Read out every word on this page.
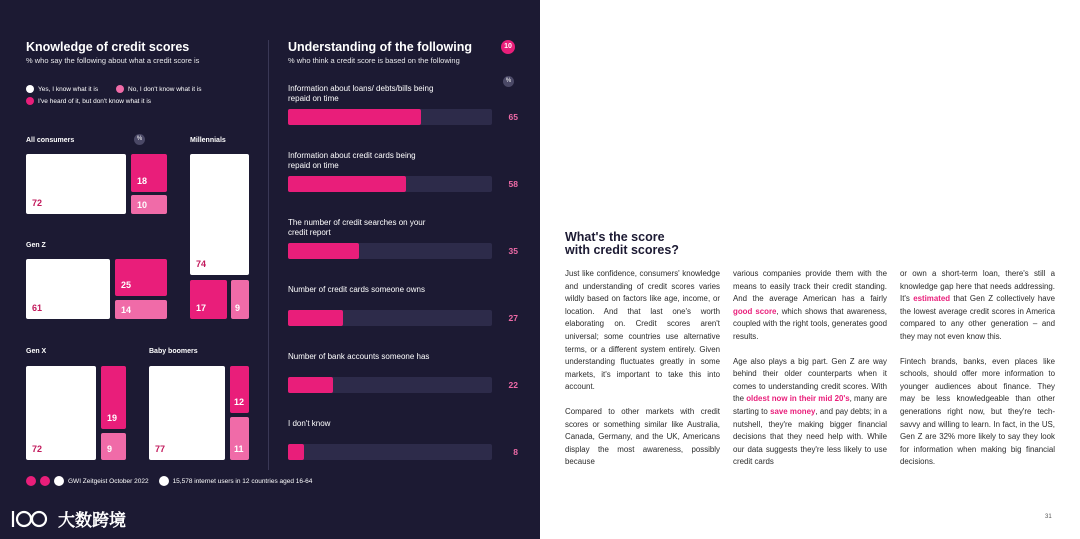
Knowledge of credit scores
% who say the following about what a credit score is
Yes, I know what it is	No, I don't know what it is
I've heard of it, but don't know what it is
All consumers	%
72
18
10
Millennials
74
17	9
Gen Z
61
25
14
Gen X
72
19
9
Baby boomers
77
12
11
GWI Zeitgeist October 2022	15,578 internet users in 12 countries aged 16-64
Understanding of the following	10
% who think a credit score is based on the following
%
Information about loans/ debts/bills being repaid on time
65
Information about credit cards being repaid on time
58
The number of credit searches on your credit report
35
Number of credit cards someone owns
27
Number of bank accounts someone has
22
I don't know
8
What's the score
with credit scores?

Just like confidence, consumers' knowledge and understanding of credit scores varies wildly based on factors like age, income, or location. And that last one's worth elaborating on. Credit scores aren't universal; some countries use alternative terms, or a different system entirely. Given understanding fluctuates greatly in some markets, it's important to take this into account.

Compared to other markets with credit scores or something similar like Australia, Canada, Germany, and the UK, Americans display the most awareness, possibly because

various companies provide them with the means to easily track their credit standing. And the average American has a fairly good score, which shows that awareness, coupled with the right tools, generates good results.

Age also plays a big part. Gen Z are way behind their older counterparts when it comes to understanding credit scores. With the oldest now in their mid 20's, many are starting to save money, and pay debts; in a nutshell, they're making bigger financial decisions that they need help with. While our data suggests they're less likely to use credit cards

or own a short-term loan, there's still a knowledge gap here that needs addressing. It's estimated that Gen Z collectively have the lowest average credit scores in America compared to any other generation – and they may not even know this.

Fintech brands, banks, even places like schools, should offer more information to younger audiences about finance. They may be less knowledgeable than other generations right now, but they're tech-savvy and willing to learn. In fact, in the US, Gen Z are 32% more likely to say they look for information when making big financial decisions.

31
大数跨境
